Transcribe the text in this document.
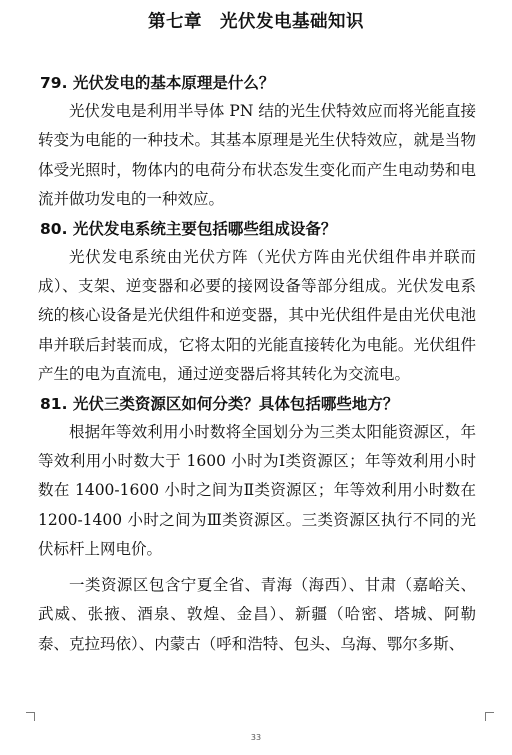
第七章　光伏发电基础知识

79. 光伏发电的基本原理是什么？

光伏发电是利用半导体 PN 结的光生伏特效应而将光能直接转变为电能的一种技术。其基本原理是光生伏特效应，就是当物体受光照时，物体内的电荷分布状态发生变化而产生电动势和电流并做功发电的一种效应。

80. 光伏发电系统主要包括哪些组成设备？

光伏发电系统由光伏方阵（光伏方阵由光伏组件串并联而成）、支架、逆变器和必要的接网设备等部分组成。光伏发电系统的核心设备是光伏组件和逆变器，其中光伏组件是由光伏电池串并联后封装而成，它将太阳的光能直接转化为电能。光伏组件产生的电为直流电，通过逆变器后将其转化为交流电。

81. 光伏三类资源区如何分类？具体包括哪些地方？

根据年等效利用小时数将全国划分为三类太阳能资源区，年等效利用小时数大于 1600 小时为Ⅰ类资源区；年等效利用小时数在 1400-1600 小时之间为Ⅱ类资源区；年等效利用小时数在 1200-1400 小时之间为Ⅲ类资源区。三类资源区执行不同的光伏标杆上网电价。

一类资源区包含宁夏全省、青海（海西）、甘肃（嘉峪关、武威、张掖、酒泉、敦煌、金昌）、新疆（哈密、塔城、阿勒泰、克拉玛依）、内蒙古（呼和浩特、包头、乌海、鄂尔多斯、

33
